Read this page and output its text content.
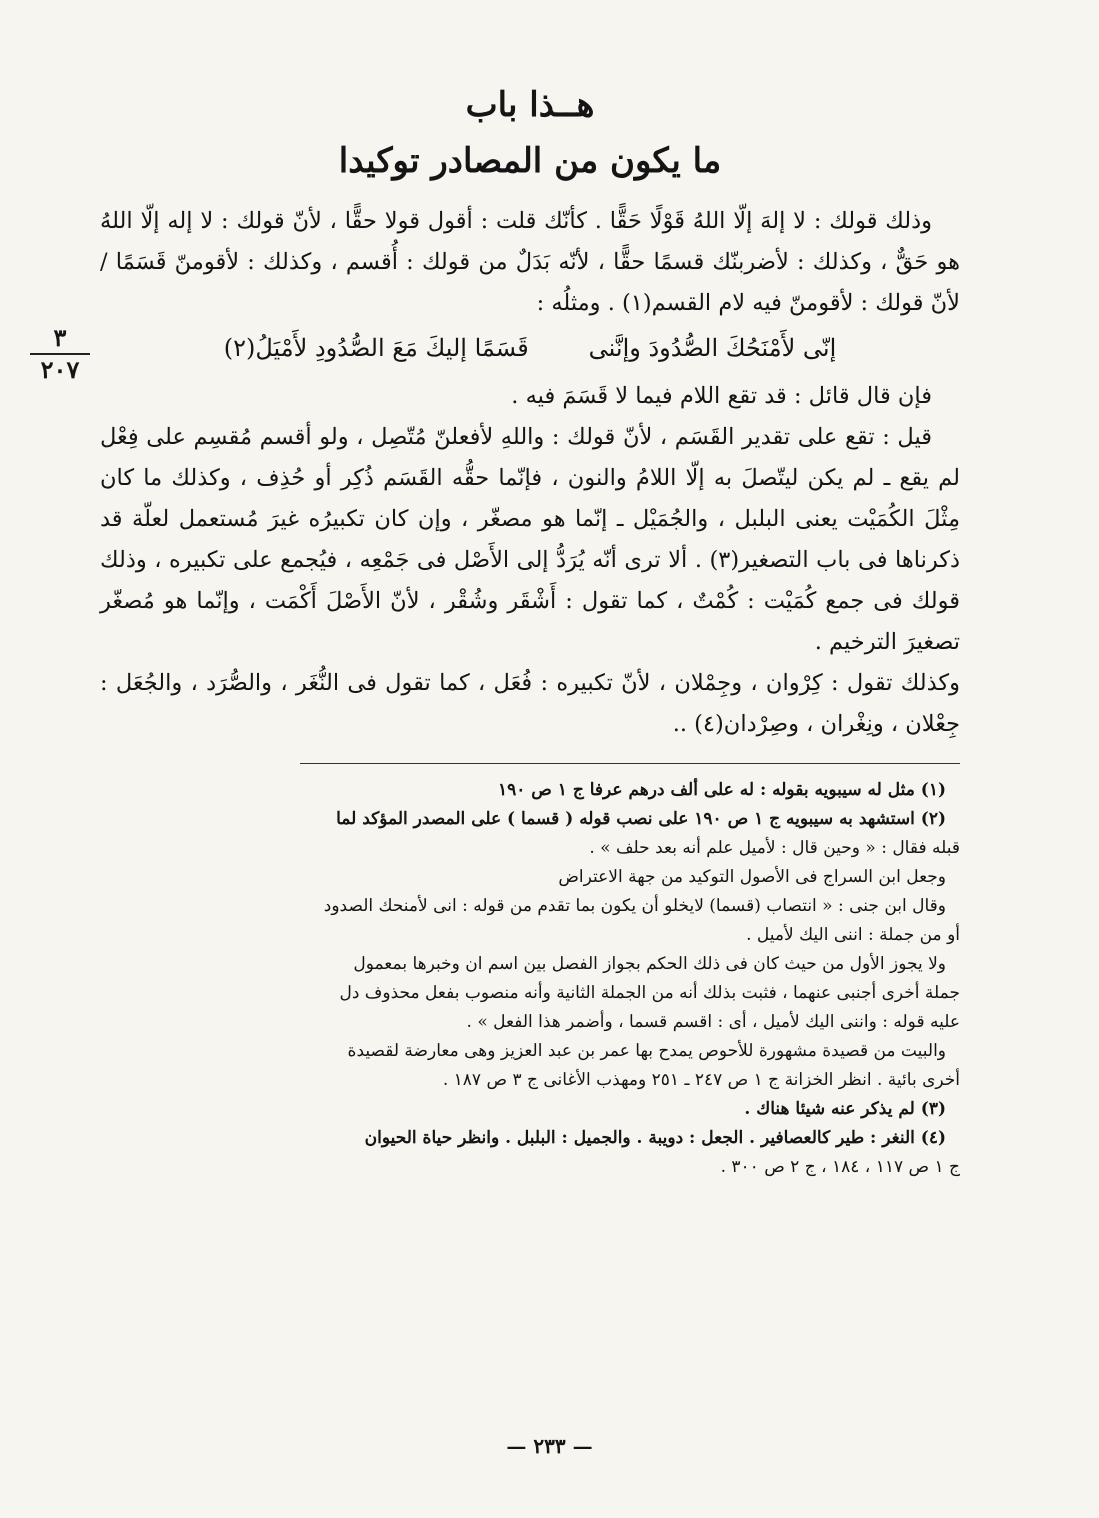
٣
٢٠٧
هــذا باب
ما يكون من المصادر توكيدا

وذلك قولك : لا إلهَ إلّا اللهُ قَوْلًا حَقًّا . كأنّك قلت : أقول قولا حقًّا ، لأنّ قولك : لا إله إلّا اللهُ هو حَقٌّ ، وكذلك : لأضربنّك قسمًا حقًّا ، لأنّه بَدَلٌ من قولك : أُقسم ، وكذلك : لأقومنّ قَسَمًا / لأنّ قولك : لأقومنّ فيه لام القسم(١) . ومثلُه :

إنّى لأَمْنَحُكَ الصُّدُودَ وإنَّنى
قَسَمًا إليكَ مَعَ الصُّدُودِ لأَمْيَلُ(٢)

فإن قال قائل : قد تقع اللام فيما لا قَسَمَ فيه .

قيل : تقع على تقدير القَسَم ، لأنّ قولك : واللهِ لأفعلنّ مُتّصِل ، ولو أقسم مُقسِم على فِعْل لم يقع ـ لم يكن ليتّصلَ به إلّا اللامُ والنون ، فإنّما حقُّه القَسَم ذُكِر أو حُذِف ، وكذلك ما كان مِثْلَ الكُمَيْت يعنى البلبل ، والجُمَيْل ـ إنّما هو مصغّر ، وإن كان تكبيرُه غيرَ مُستعمل لعلّة قد ذكرناها فى باب التصغير(٣) . ألا ترى أنّه يُرَدُّ إلى الأَصْل فى جَمْعِه ، فيُجمع على تكبيره ، وذلك قولك فى جمع كُمَيْت : كُمْتٌ ، كما تقول : أَشْقَر وشُقْر ، لأنّ الأَصْلَ أَكْمَت ، وإنّما هو مُصغّر تصغيرَ الترخيم .

وكذلك تقول : كِرْوان ، وجِمْلان ، لأنّ تكبيره : فُعَل ، كما تقول فى النُّغَر ، والصُّرَد ، والجُعَل : جِعْلان ، ونِغْران ، وصِرْدان(٤) ..

(١) مثل له سيبويه بقوله : له على ألف درهم عرفا ج ١ ص ١٩٠

(٢) استشهد به سيبويه ج ١ ص ١٩٠ على نصب قوله ( قسما ) على المصدر المؤكد لما

قبله فقال : « وحين قال : لأميل علم أنه بعد حلف » .

وجعل ابن السراج فى الأصول التوكيد من جهة الاعتراض

وقال ابن جنى : « انتصاب (قسما) لايخلو أن يكون بما تقدم من قوله : انى لأمنحك الصدود

أو من جملة : اننى اليك لأميل .

ولا يجوز الأول من حيث كان فى ذلك الحكم بجواز الفصل بين اسم ان وخبرها بمعمول

جملة أخرى أجنبى عنهما ، فثبت بذلك أنه من الجملة الثانية وأنه منصوب بفعل محذوف دل

عليه قوله : واننى اليك لأميل ، أى : اقسم قسما ، وأضمر هذا الفعل » .

والبيت من قصيدة مشهورة للأحوص يمدح بها عمر بن عبد العزيز وهى معارضة لقصيدة

أخرى بائية . انظر الخزانة ج ١ ص ٢٤٧ ـ ٢٥١ ومهذب الأغانى ج ٣ ص ١٨٧ .

(٣) لم يذكر عنه شيئا هناك .

(٤) النغر : طير كالعصافير . الجعل : دويبة . والجميل : البلبل . وانظر حياة الحيوان

ج ١ ص ١١٧ ، ١٨٤ ، ج ٢ ص ٣٠٠ .

— ٢٣٣ —
